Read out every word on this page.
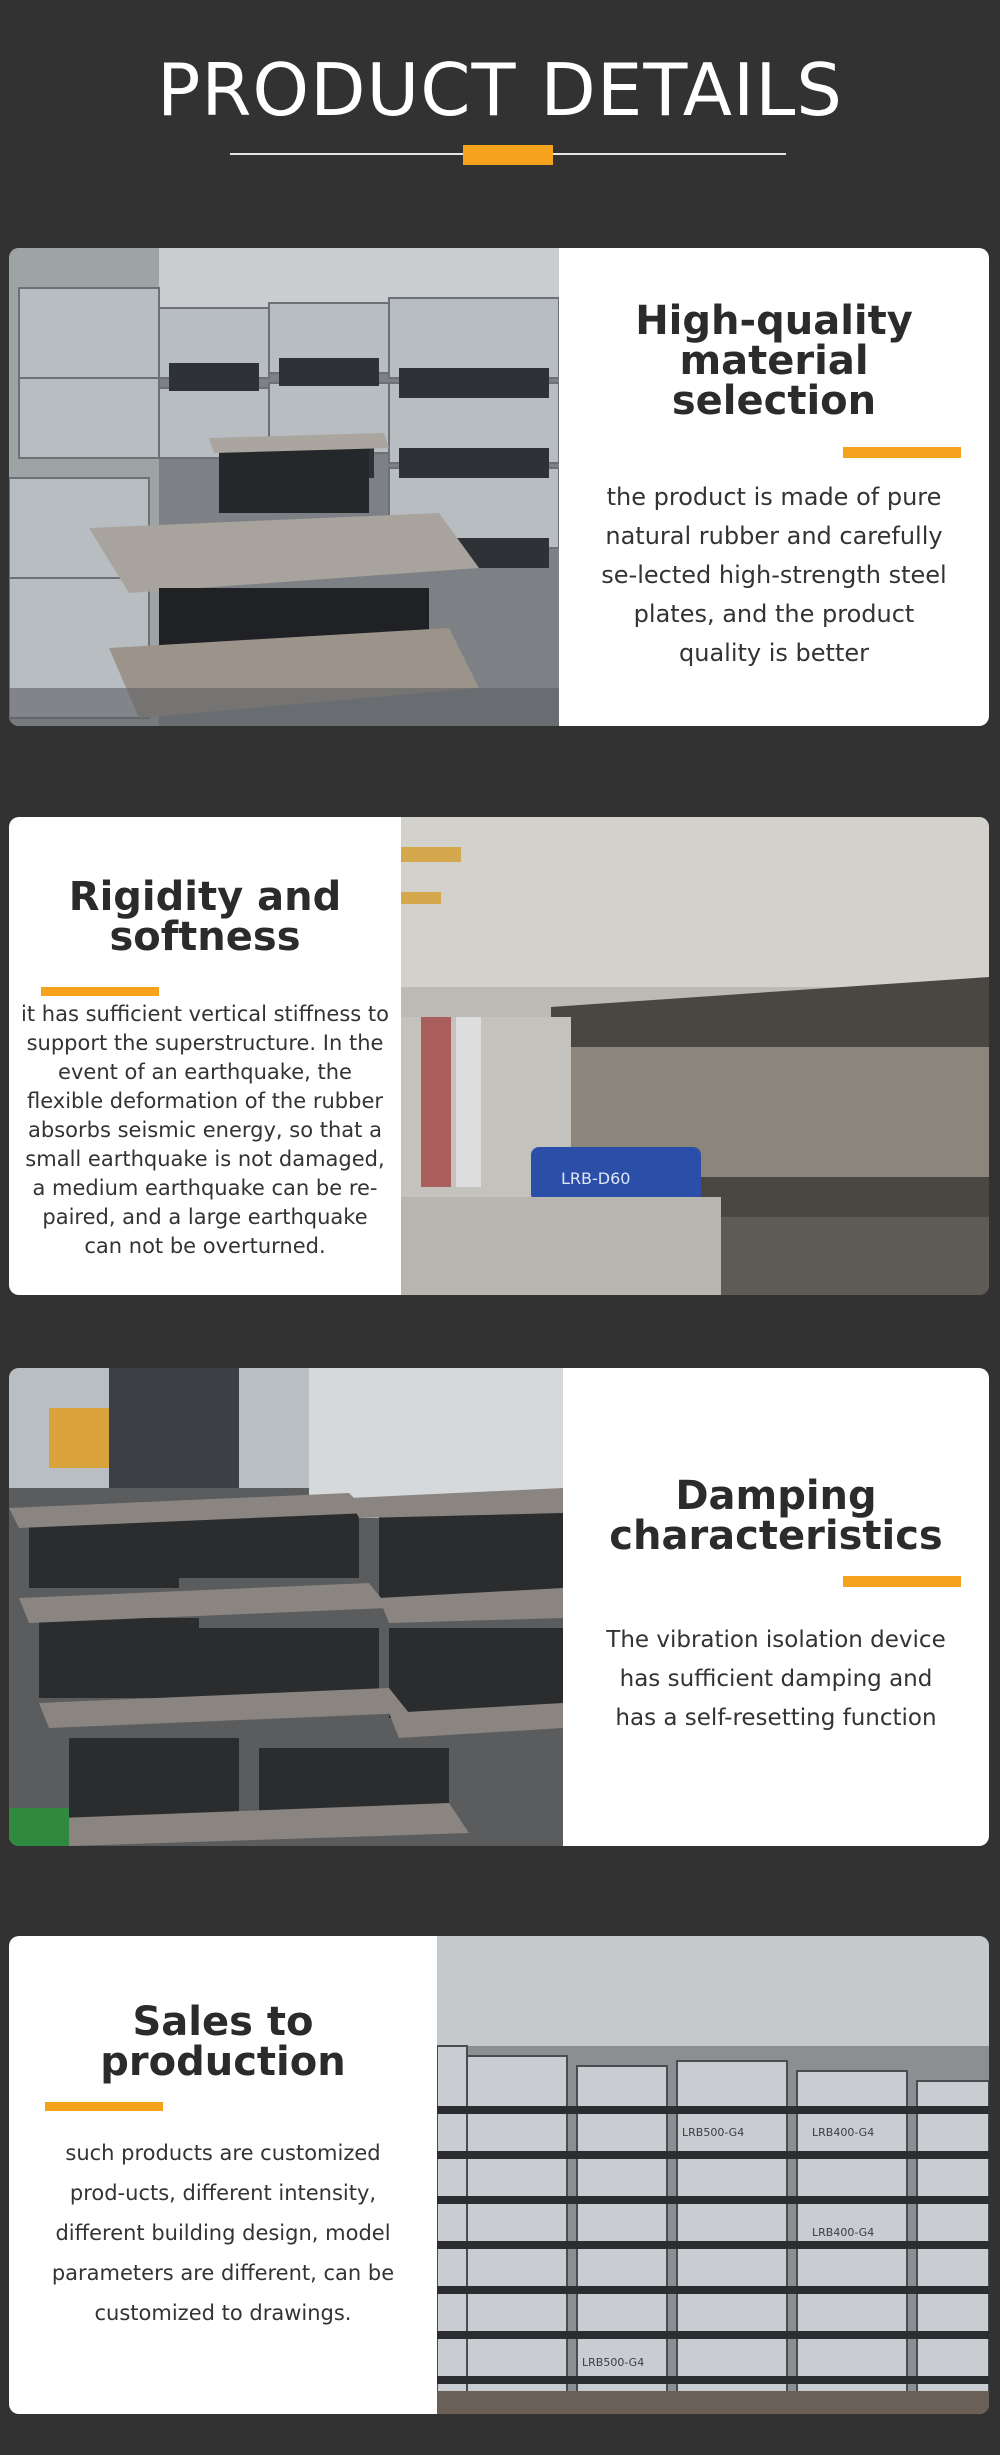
PRODUCT DETAILS
High-quality material selection
the product is made of pure natural rubber and carefully se-lected high-strength steel plates, and the product quality is better
Rigidity and softness
it has sufficient vertical stiffness to support the superstructure. In the event of an earthquake, the flexible deformation of the rubber absorbs seismic energy, so that a small earthquake is not damaged, a medium earthquake can be re-paired, and a large earthquake can not be overturned.
LRB-D60
Damping characteristics
The vibration isolation device has sufficient damping and has a self-resetting function
Sales to production
such products are customized prod-ucts, different intensity, different building design, model parameters are different, can be customized to drawings.
LRB500-G4	LRB400-G4
LRB500-G4
LRB400-G4
